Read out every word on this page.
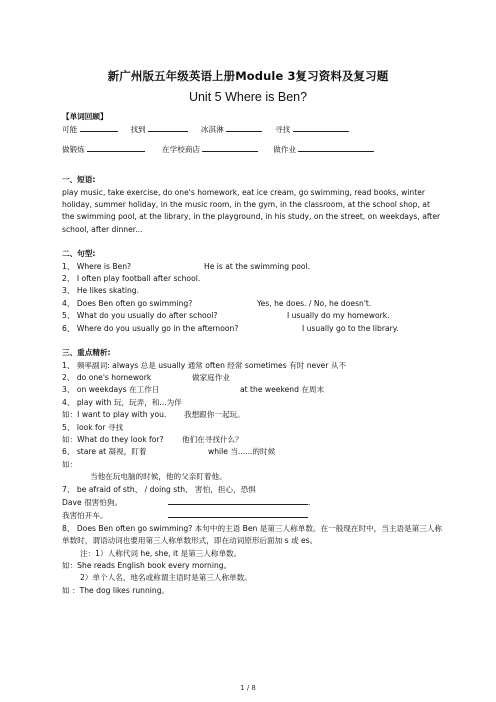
新广州版五年级英语上册Module 3复习资料及复习题
Unit 5 Where is Ben?
【单词回顾】
可能	找到	冰淇淋	寻找
做锻炼	在学校商店	做作业
一、短语:
play music, take exercise, do one's homework, eat ice cream, go swimming, read books, winter holiday, summer holiday, in the music room, in the gym, in the classroom, at the school shop, at the swimming pool, at the library, in the playground, in his study, on the street, on weekdays, after school, after dinner...
二、句型:
1、 Where is Ben?	He is at the swimming pool.
2、 I often play football after school.
3、 He likes skating.
4、 Does Ben often go swimming?	Yes, he does. / No, he doesn't.
5、 What do you usually do after school?	I usually do my homework.
6、 Where do you usually go in the afternoon?	I usually go to the library.
三、重点精析:
1、 频率副词: always 总是 usually 通常 often 经常 sometimes 有时 never 从不
2、 do one's homework	做家庭作业
3、 on weekdays 在工作日	at the weekend 在周末
4、 play with 玩，玩弄，和...为伴
如：I want to play with you. 我想跟你一起玩。
5、 look for 寻找
如：What do they look for? 他们在寻找什么？
6、 stare at 凝视，盯着	while 当......的时候
如：
当他在玩电脑的时候，他的父亲盯着他。
7、 be afraid of sth、 / doing sth、 害怕，担心，恐惧
Dave 很害怕狗。	.
我害怕开车。
8、 Does Ben often go swimming? 本句中的主语 Ben 是第三人称单数。在一般现在时中，当主语是第三人称单数时，谓语动词也要用第三人称单数形式，即在动词原形后面加 s 或 es。
注：1）人称代词 he, she, it 是第三人称单数。
如：She reads English book every morning。
2）单个人名、地名或称谓主语时是第三人称单数。
如 ：The dog likes running。
1 / 8
